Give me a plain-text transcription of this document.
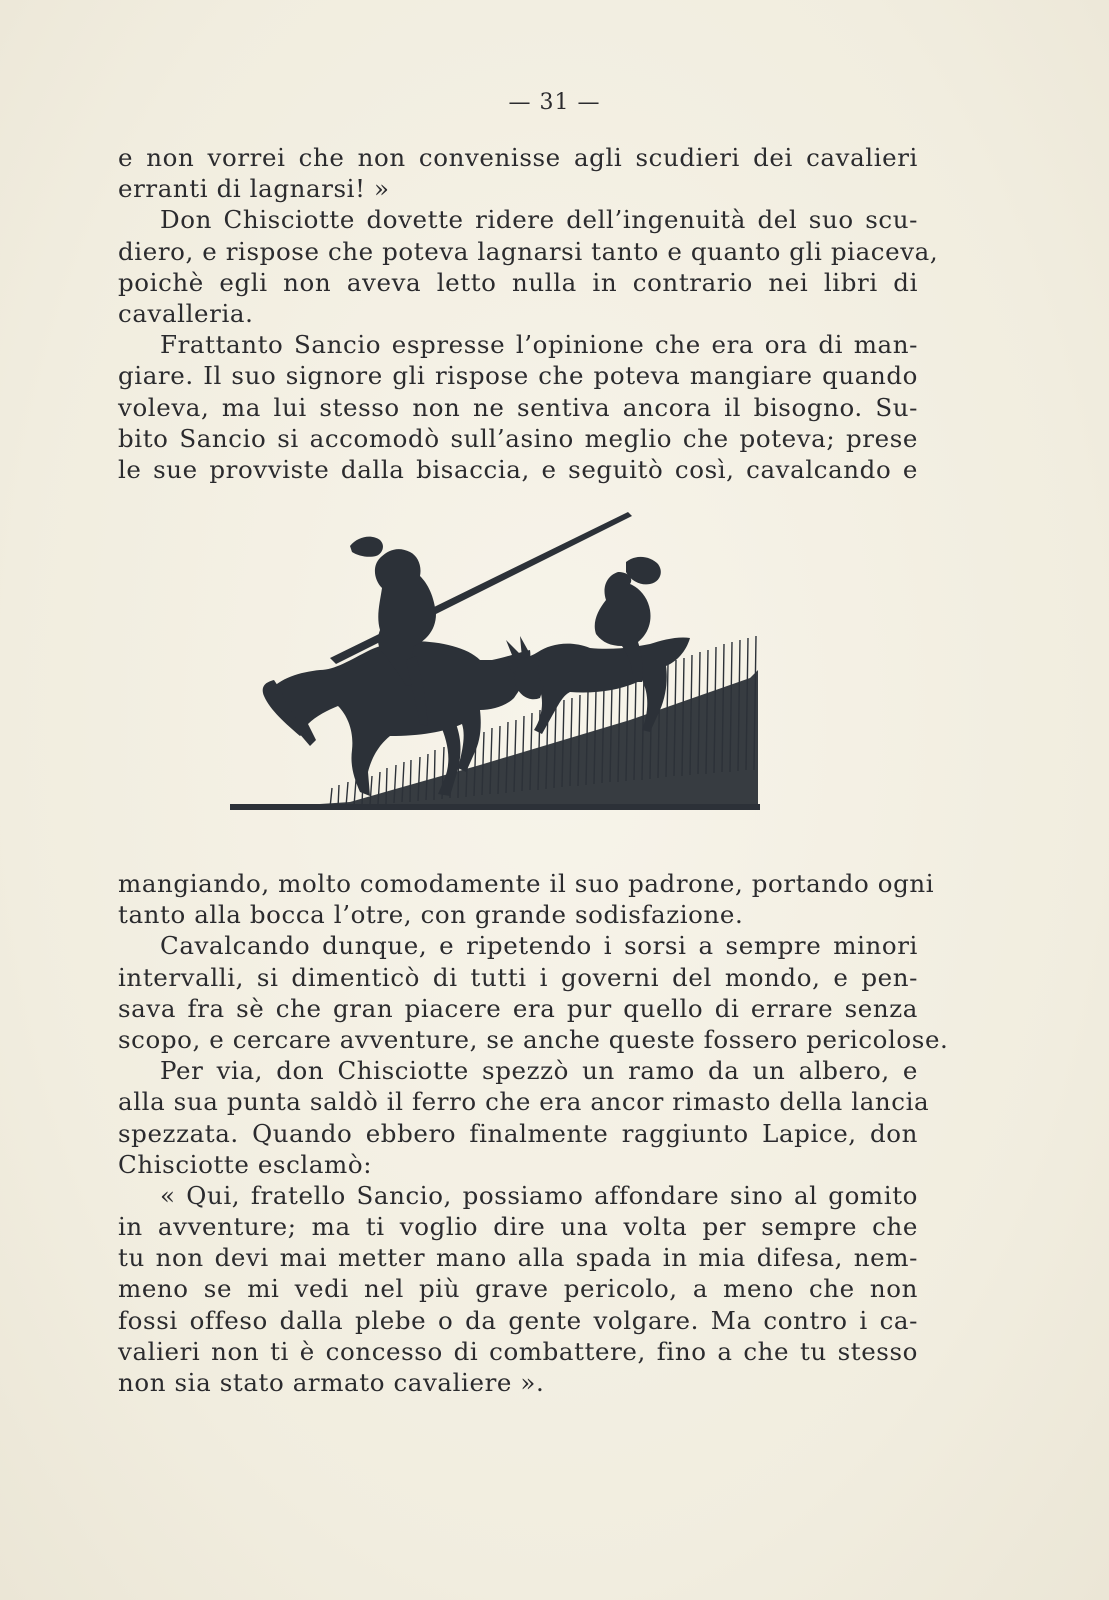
— 31 —
e non vorrei che non convenisse agli scudieri dei cavalieri
erranti di lagnarsi! »
Don Chisciotte dovette ridere dell’ingenuità del suo scu-
diero, e rispose che poteva lagnarsi tanto e quanto gli piaceva,
poichè egli non aveva letto nulla in contrario nei libri di
cavalleria.
Frattanto Sancio espresse l’opinione che era ora di man-
giare. Il suo signore gli rispose che poteva mangiare quando
voleva, ma lui stesso non ne sentiva ancora il bisogno. Su-
bito Sancio si accomodò sull’asino meglio che poteva; prese
le sue provviste dalla bisaccia, e seguitò così, cavalcando e
mangiando, molto comodamente il suo padrone, portando ogni
tanto alla bocca l’otre, con grande sodisfazione.
Cavalcando dunque, e ripetendo i sorsi a sempre minori
intervalli, si dimenticò di tutti i governi del mondo, e pen-
sava fra sè che gran piacere era pur quello di errare senza
scopo, e cercare avventure, se anche queste fossero pericolose.
Per via, don Chisciotte spezzò un ramo da un albero, e
alla sua punta saldò il ferro che era ancor rimasto della lancia
spezzata. Quando ebbero finalmente raggiunto Lapice, don
Chisciotte esclamò:
« Qui, fratello Sancio, possiamo affondare sino al gomito
in avventure; ma ti voglio dire una volta per sempre che
tu non devi mai metter mano alla spada in mia difesa, nem-
meno se mi vedi nel più grave pericolo, a meno che non
fossi offeso dalla plebe o da gente volgare. Ma contro i ca-
valieri non ti è concesso di combattere, fino a che tu stesso
non sia stato armato cavaliere ».
